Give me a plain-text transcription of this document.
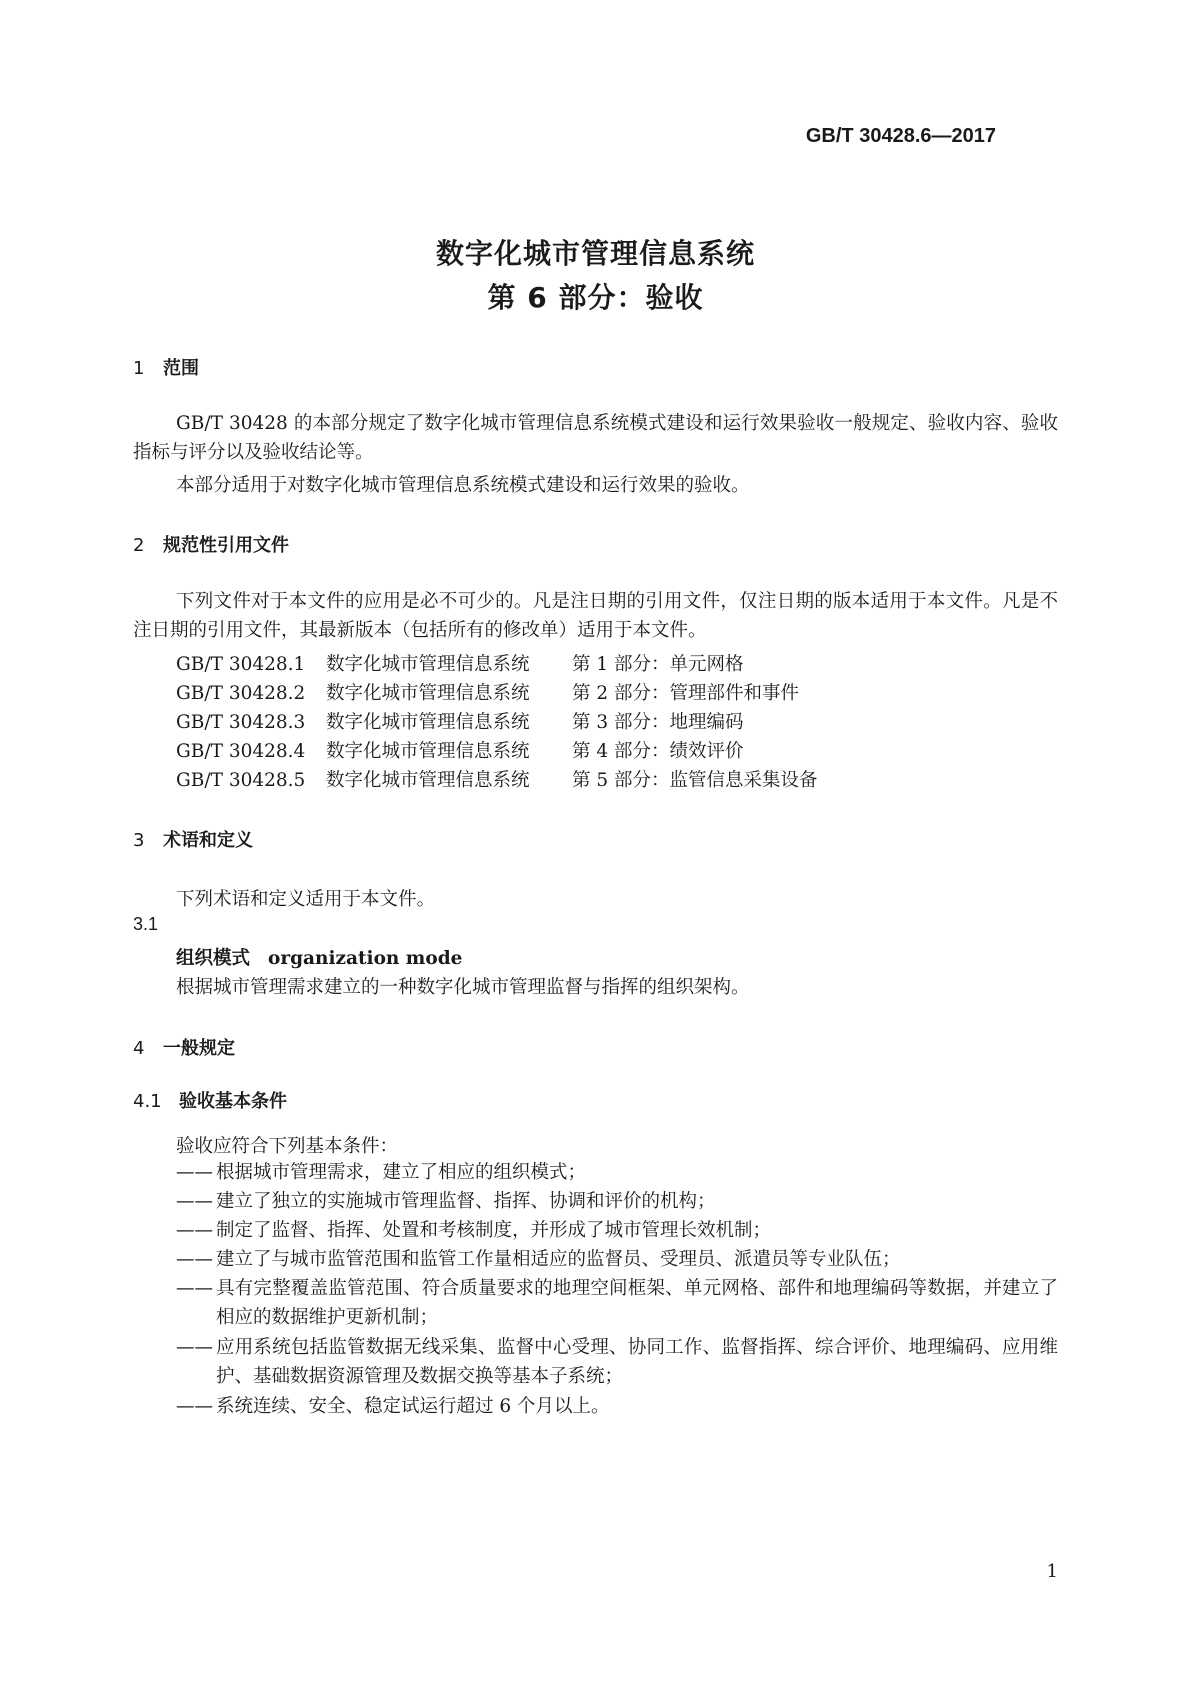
GB/T 30428.6—2017
数字化城市管理信息系统
第 6 部分：验收
1 范围
GB/T 30428 的本部分规定了数字化城市管理信息系统模式建设和运行效果验收一般规定、验收内容、验收指标与评分以及验收结论等。
本部分适用于对数字化城市管理信息系统模式建设和运行效果的验收。
2 规范性引用文件
下列文件对于本文件的应用是必不可少的。凡是注日期的引用文件，仅注日期的版本适用于本文件。凡是不注日期的引用文件，其最新版本（包括所有的修改单）适用于本文件。
GB/T 30428.1 数字化城市管理信息系统 第 1 部分：单元网格
GB/T 30428.2 数字化城市管理信息系统 第 2 部分：管理部件和事件
GB/T 30428.3 数字化城市管理信息系统 第 3 部分：地理编码
GB/T 30428.4 数字化城市管理信息系统 第 4 部分：绩效评价
GB/T 30428.5 数字化城市管理信息系统 第 5 部分：监管信息采集设备
3 术语和定义
下列术语和定义适用于本文件。
3.1
组织模式 organization mode
根据城市管理需求建立的一种数字化城市管理监督与指挥的组织架构。
4 一般规定
4.1 验收基本条件
验收应符合下列基本条件：
—— 根据城市管理需求，建立了相应的组织模式；
—— 建立了独立的实施城市管理监督、指挥、协调和评价的机构；
—— 制定了监督、指挥、处置和考核制度，并形成了城市管理长效机制；
—— 建立了与城市监管范围和监管工作量相适应的监督员、受理员、派遣员等专业队伍；
—— 具有完整覆盖监管范围、符合质量要求的地理空间框架、单元网格、部件和地理编码等数据，并建立了相应的数据维护更新机制；
—— 应用系统包括监管数据无线采集、监督中心受理、协同工作、监督指挥、综合评价、地理编码、应用维护、基础数据资源管理及数据交换等基本子系统；
—— 系统连续、安全、稳定试运行超过 6 个月以上。
1
